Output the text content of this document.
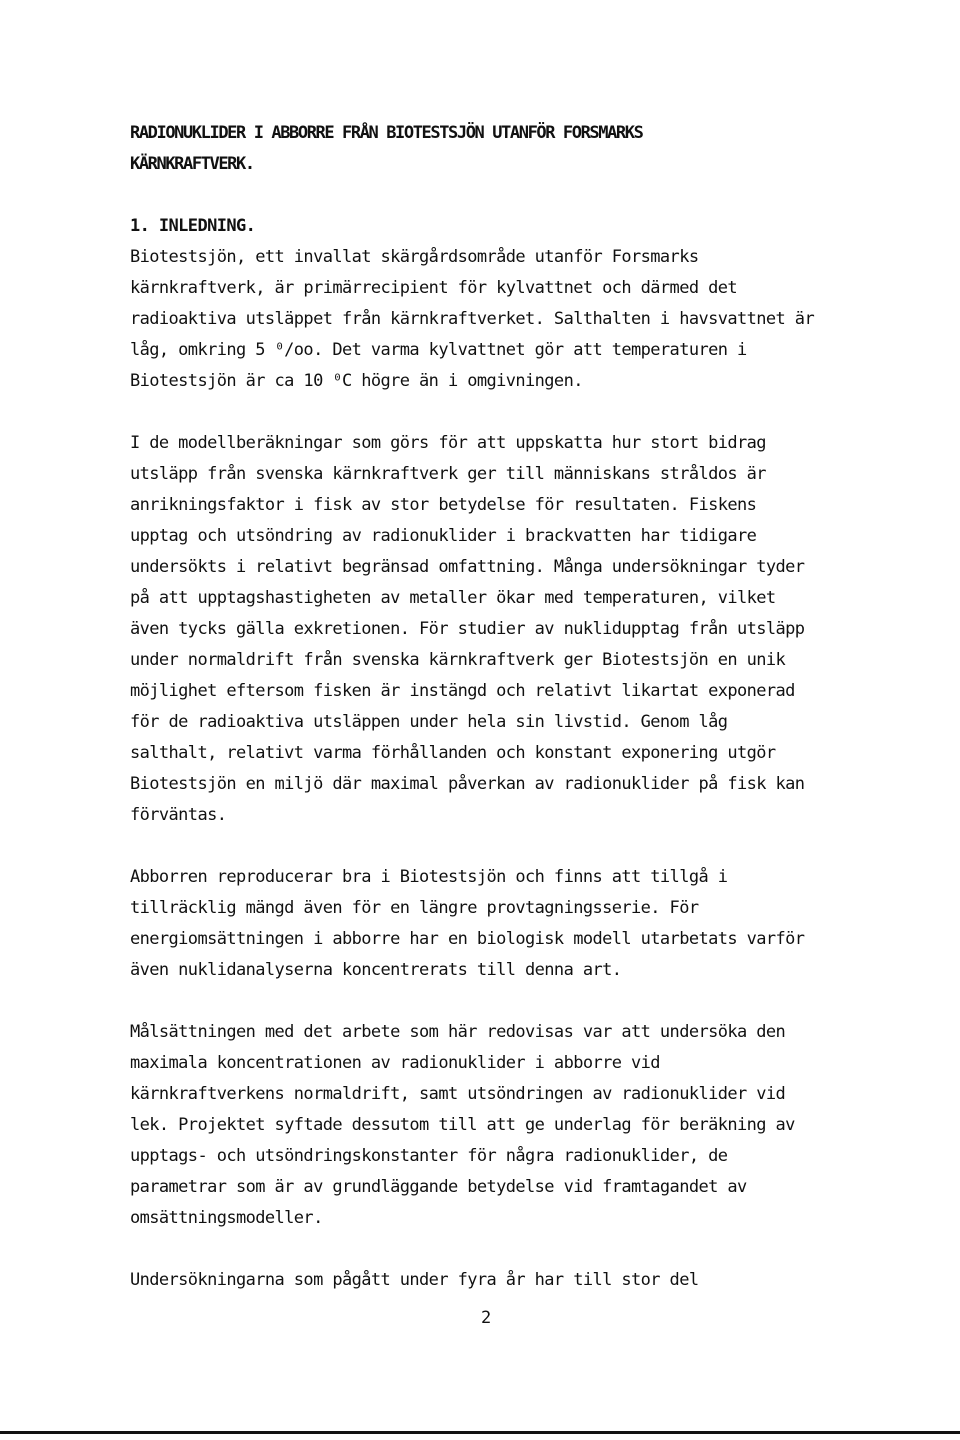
RADIONUKLIDER I ABBORRE FRÅN BIOTESTSJÖN UTANFÖR FORSMARKS
KÄRNKRAFTVERK.
1. INLEDNING.
Biotestsjön, ett invallat skärgårdsområde utanför Forsmarks
kärnkraftverk, är primärrecipient för kylvattnet och därmed det
radioaktiva utsläppet från kärnkraftverket. Salthalten i havsvattnet är
låg, omkring 5 ⁰/oo. Det varma kylvattnet gör att temperaturen i
Biotestsjön är ca 10 ⁰C högre än i omgivningen.
I de modellberäkningar som görs för att uppskatta hur stort bidrag
utsläpp från svenska kärnkraftverk ger till människans stråldos är
anrikningsfaktor i fisk av stor betydelse för resultaten. Fiskens
upptag och utsöndring av radionuklider i brackvatten har tidigare
undersökts i relativt begränsad omfattning. Många undersökningar tyder
på att upptagshastigheten av metaller ökar med temperaturen, vilket
även tycks gälla exkretionen. För studier av nuklidupptag från utsläpp
under normaldrift från svenska kärnkraftverk ger Biotestsjön en unik
möjlighet eftersom fisken är instängd och relativt likartat exponerad
för de radioaktiva utsläppen under hela sin livstid. Genom låg
salthalt, relativt varma förhållanden och konstant exponering utgör
Biotestsjön en miljö där maximal påverkan av radionuklider på fisk kan
förväntas.
Abborren reproducerar bra i Biotestsjön och finns att tillgå i
tillräcklig mängd även för en längre provtagningsserie. För
energiomsättningen i abborre har en biologisk modell utarbetats varför
även nuklidanalyserna koncentrerats till denna art.
Målsättningen med det arbete som här redovisas var att undersöka den
maximala koncentrationen av radionuklider i abborre vid
kärnkraftverkens normaldrift, samt utsöndringen av radionuklider vid
lek. Projektet syftade dessutom till att ge underlag för beräkning av
upptags- och utsöndringskonstanter för några radionuklider, de
parametrar som är av grundläggande betydelse vid framtagandet av
omsättningsmodeller.
Undersökningarna som pågått under fyra år har till stor del
2
